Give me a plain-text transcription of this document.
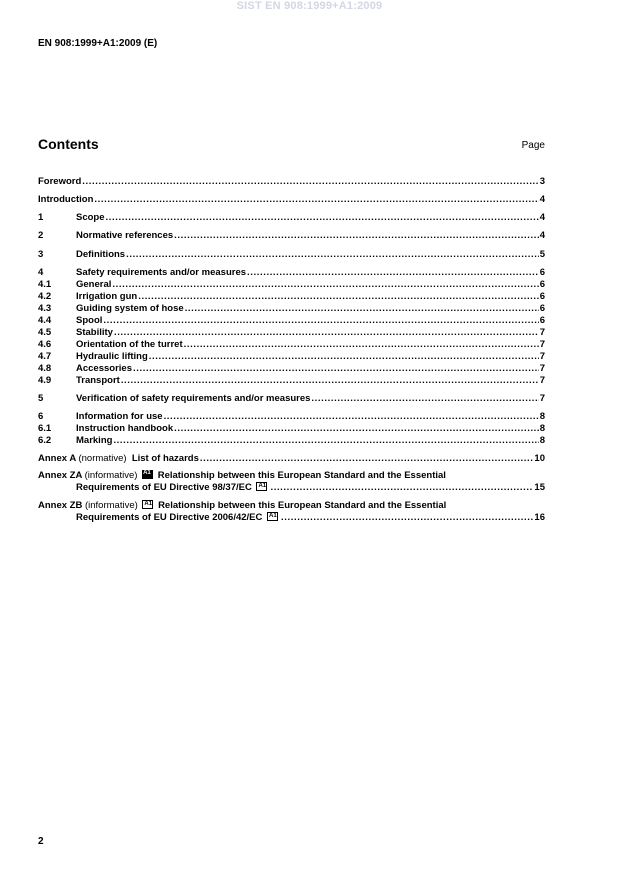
SIST EN 908:1999+A1:2009
EN 908:1999+A1:2009 (E)
Contents	Page
Foreword .....	3
Introduction .....	4
1	Scope .....	4
2	Normative references .....	4
3	Definitions .....	5
4	Safety requirements and/or measures .....	6
4.1	General .....	6
4.2	Irrigation gun .....	6
4.3	Guiding system of hose .....	6
4.4	Spool .....	6
4.5	Stability .....	7
4.6	Orientation of the turret .....	7
4.7	Hydraulic lifting .....	7
4.8	Accessories .....	7
4.9	Transport .....	7
5	Verification of safety requirements and/or measures .....	7
6	Information for use .....	8
6.1	Instruction handbook .....	8
6.2	Marking .....	8
Annex A (normative) List of hazards .....	10
Annex ZA (informative) A1 Relationship between this European Standard and the Essential
Requirements of EU Directive 98/37/EC A1 .....	15
Annex ZB (informative) A1 Relationship between this European Standard and the Essential
Requirements of EU Directive 2006/42/EC A1 .....	16
2
